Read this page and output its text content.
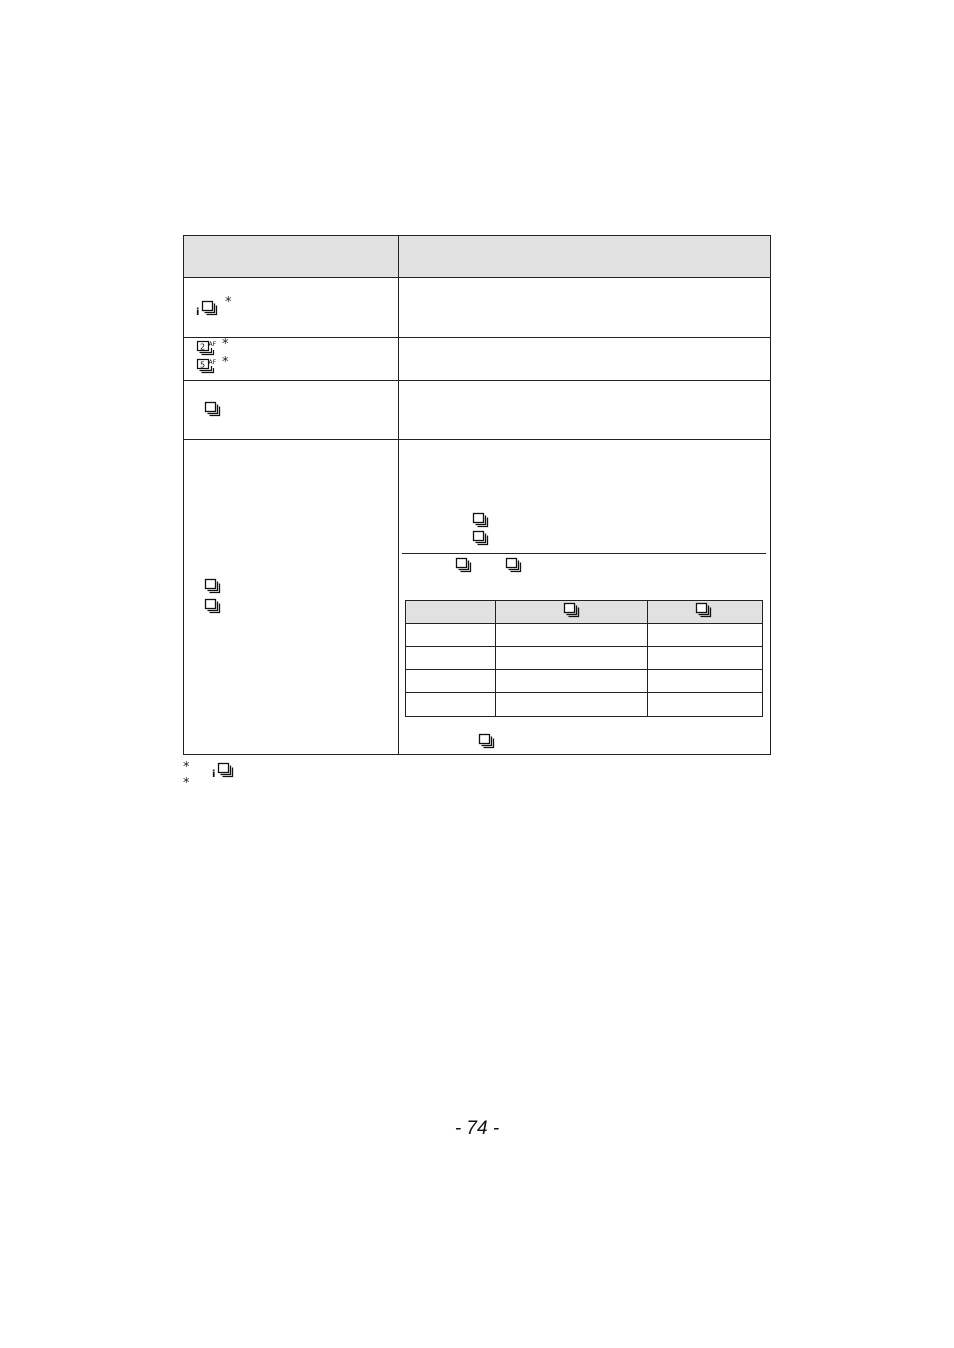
i
*
2 AF *
5 AF *
* i
*
- 74 -
